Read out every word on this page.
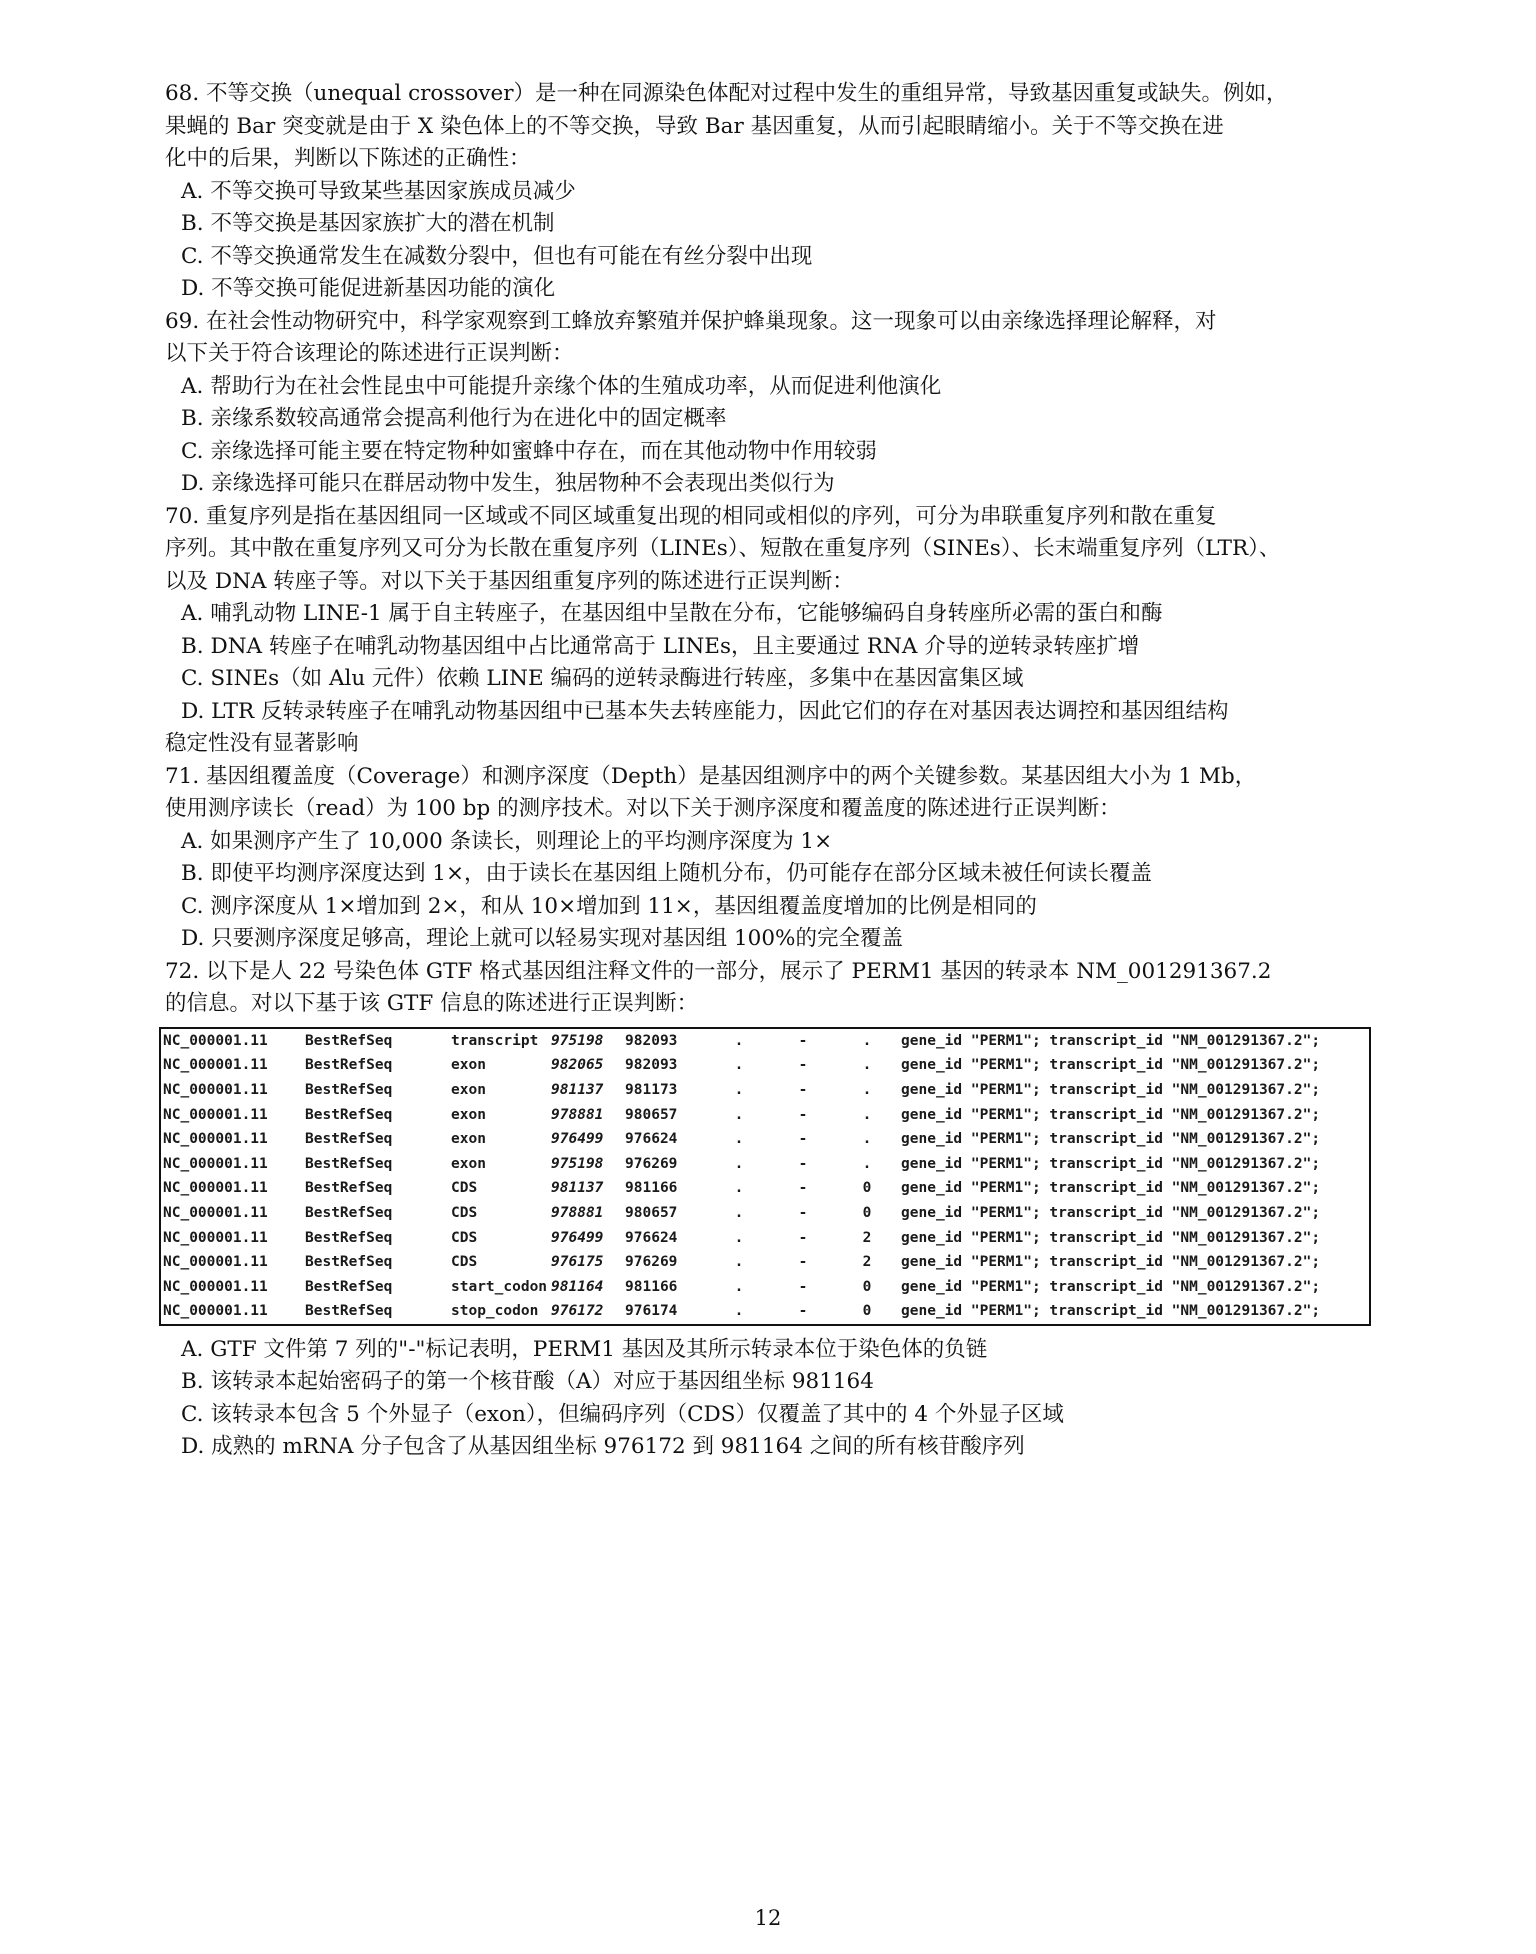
68. 不等交换（unequal crossover）是一种在同源染色体配对过程中发生的重组异常，导致基因重复或缺失。例如，
果蝇的 Bar 突变就是由于 X 染色体上的不等交换，导致 Bar 基因重复，从而引起眼睛缩小。关于不等交换在进
化中的后果，判断以下陈述的正确性：
A. 不等交换可导致某些基因家族成员减少
B. 不等交换是基因家族扩大的潜在机制
C. 不等交换通常发生在减数分裂中，但也有可能在有丝分裂中出现
D. 不等交换可能促进新基因功能的演化
69. 在社会性动物研究中，科学家观察到工蜂放弃繁殖并保护蜂巢现象。这一现象可以由亲缘选择理论解释，对
以下关于符合该理论的陈述进行正误判断：
A. 帮助行为在社会性昆虫中可能提升亲缘个体的生殖成功率，从而促进利他演化
B. 亲缘系数较高通常会提高利他行为在进化中的固定概率
C. 亲缘选择可能主要在特定物种如蜜蜂中存在，而在其他动物中作用较弱
D. 亲缘选择可能只在群居动物中发生，独居物种不会表现出类似行为
70. 重复序列是指在基因组同一区域或不同区域重复出现的相同或相似的序列，可分为串联重复序列和散在重复
序列。其中散在重复序列又可分为长散在重复序列（LINEs）、短散在重复序列（SINEs）、长末端重复序列（LTR）、
以及 DNA 转座子等。对以下关于基因组重复序列的陈述进行正误判断：
A. 哺乳动物 LINE-1 属于自主转座子，在基因组中呈散在分布，它能够编码自身转座所必需的蛋白和酶
B. DNA 转座子在哺乳动物基因组中占比通常高于 LINEs，且主要通过 RNA 介导的逆转录转座扩增
C. SINEs（如 Alu 元件）依赖 LINE 编码的逆转录酶进行转座，多集中在基因富集区域
D. LTR 反转录转座子在哺乳动物基因组中已基本失去转座能力，因此它们的存在对基因表达调控和基因组结构
稳定性没有显著影响
71. 基因组覆盖度（Coverage）和测序深度（Depth）是基因组测序中的两个关键参数。某基因组大小为 1 Mb，
使用测序读长（read）为 100 bp 的测序技术。对以下关于测序深度和覆盖度的陈述进行正误判断：
A. 如果测序产生了 10,000 条读长，则理论上的平均测序深度为 1×
B. 即使平均测序深度达到 1×，由于读长在基因组上随机分布，仍可能存在部分区域未被任何读长覆盖
C. 测序深度从 1×增加到 2×，和从 10×增加到 11×，基因组覆盖度增加的比例是相同的
D. 只要测序深度足够高，理论上就可以轻易实现对基因组 100%的完全覆盖
72. 以下是人 22 号染色体 GTF 格式基因组注释文件的一部分，展示了 PERM1 基因的转录本 NM_001291367.2
的信息。对以下基于该 GTF 信息的陈述进行正误判断：
NC_000001.11	BestRefSeq	transcript	975198	982093	.	-	.	gene_id "PERM1"; transcript_id "NM_001291367.2";
NC_000001.11	BestRefSeq	exon	982065	982093	.	-	.	gene_id "PERM1"; transcript_id "NM_001291367.2";
NC_000001.11	BestRefSeq	exon	981137	981173	.	-	.	gene_id "PERM1"; transcript_id "NM_001291367.2";
NC_000001.11	BestRefSeq	exon	978881	980657	.	-	.	gene_id "PERM1"; transcript_id "NM_001291367.2";
NC_000001.11	BestRefSeq	exon	976499	976624	.	-	.	gene_id "PERM1"; transcript_id "NM_001291367.2";
NC_000001.11	BestRefSeq	exon	975198	976269	.	-	.	gene_id "PERM1"; transcript_id "NM_001291367.2";
NC_000001.11	BestRefSeq	CDS	981137	981166	.	-	0	gene_id "PERM1"; transcript_id "NM_001291367.2";
NC_000001.11	BestRefSeq	CDS	978881	980657	.	-	0	gene_id "PERM1"; transcript_id "NM_001291367.2";
NC_000001.11	BestRefSeq	CDS	976499	976624	.	-	2	gene_id "PERM1"; transcript_id "NM_001291367.2";
NC_000001.11	BestRefSeq	CDS	976175	976269	.	-	2	gene_id "PERM1"; transcript_id "NM_001291367.2";
NC_000001.11	BestRefSeq	start_codon	981164	981166	.	-	0	gene_id "PERM1"; transcript_id "NM_001291367.2";
NC_000001.11	BestRefSeq	stop_codon	976172	976174	.	-	0	gene_id "PERM1"; transcript_id "NM_001291367.2";
A. GTF 文件第 7 列的"-"标记表明，PERM1 基因及其所示转录本位于染色体的负链
B. 该转录本起始密码子的第一个核苷酸（A）对应于基因组坐标 981164
C. 该转录本包含 5 个外显子（exon），但编码序列（CDS）仅覆盖了其中的 4 个外显子区域
D. 成熟的 mRNA 分子包含了从基因组坐标 976172 到 981164 之间的所有核苷酸序列
12
